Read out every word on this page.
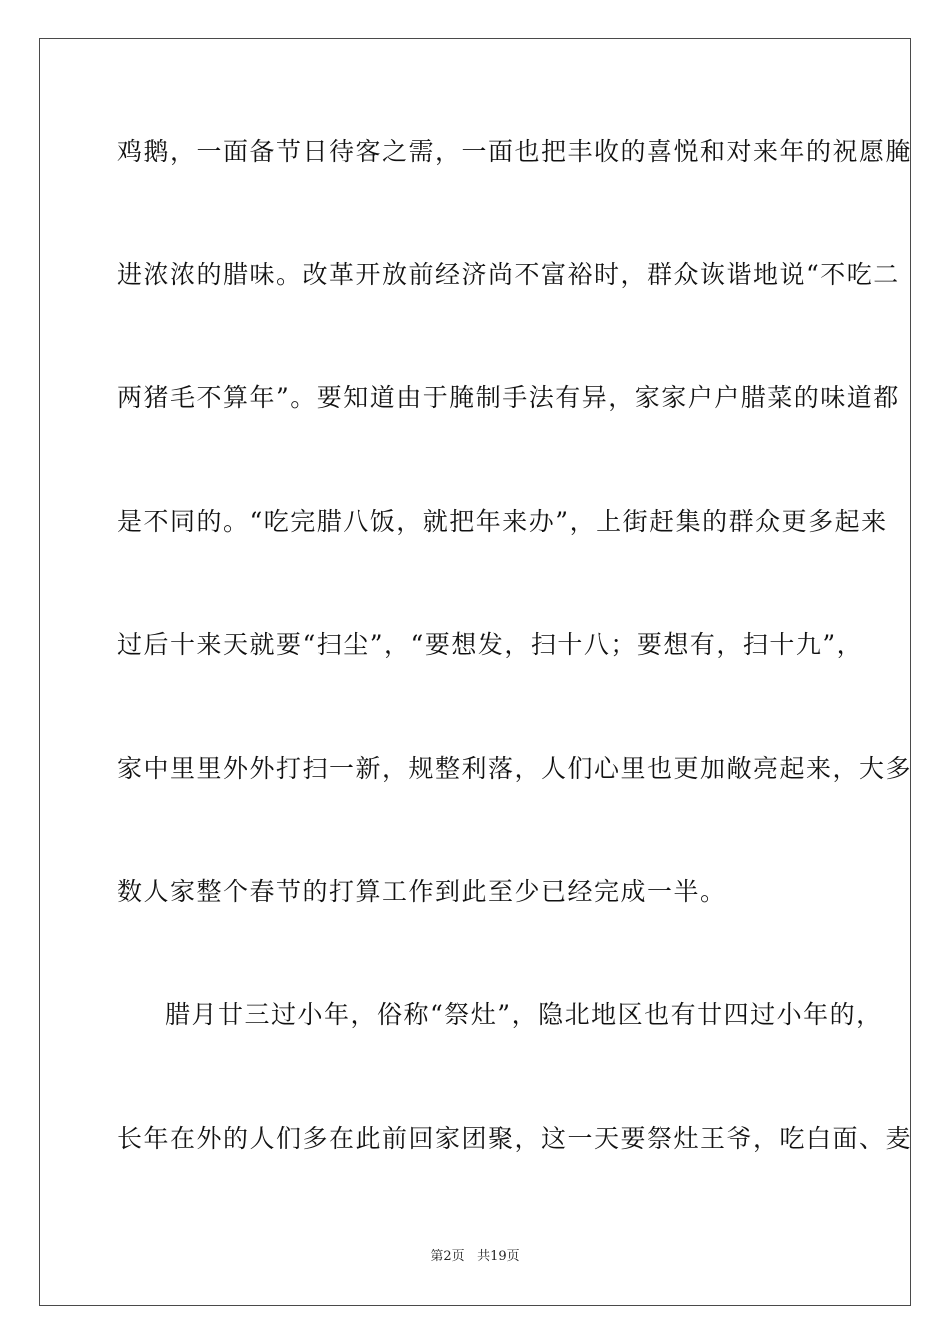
鸡鹅，一面备节日待客之需，一面也把丰收的喜悦和对来年的祝愿腌
进浓浓的腊味。改革开放前经济尚不富裕时，群众诙谐地说“不吃二
两猪毛不算年”。要知道由于腌制手法有异，家家户户腊菜的味道都
是不同的。“吃完腊八饭，就把年来办”，上街赶集的群众更多起来
过后十来天就要“扫尘”，“要想发，扫十八；要想有，扫十九”，
家中里里外外打扫一新，规整利落，人们心里也更加敞亮起来，大多
数人家整个春节的打算工作到此至少已经完成一半。
腊月廿三过小年，俗称“祭灶”，隐北地区也有廿四过小年的，
长年在外的人们多在此前回家团聚，这一天要祭灶王爷，吃白面、麦
第2页 共19页
